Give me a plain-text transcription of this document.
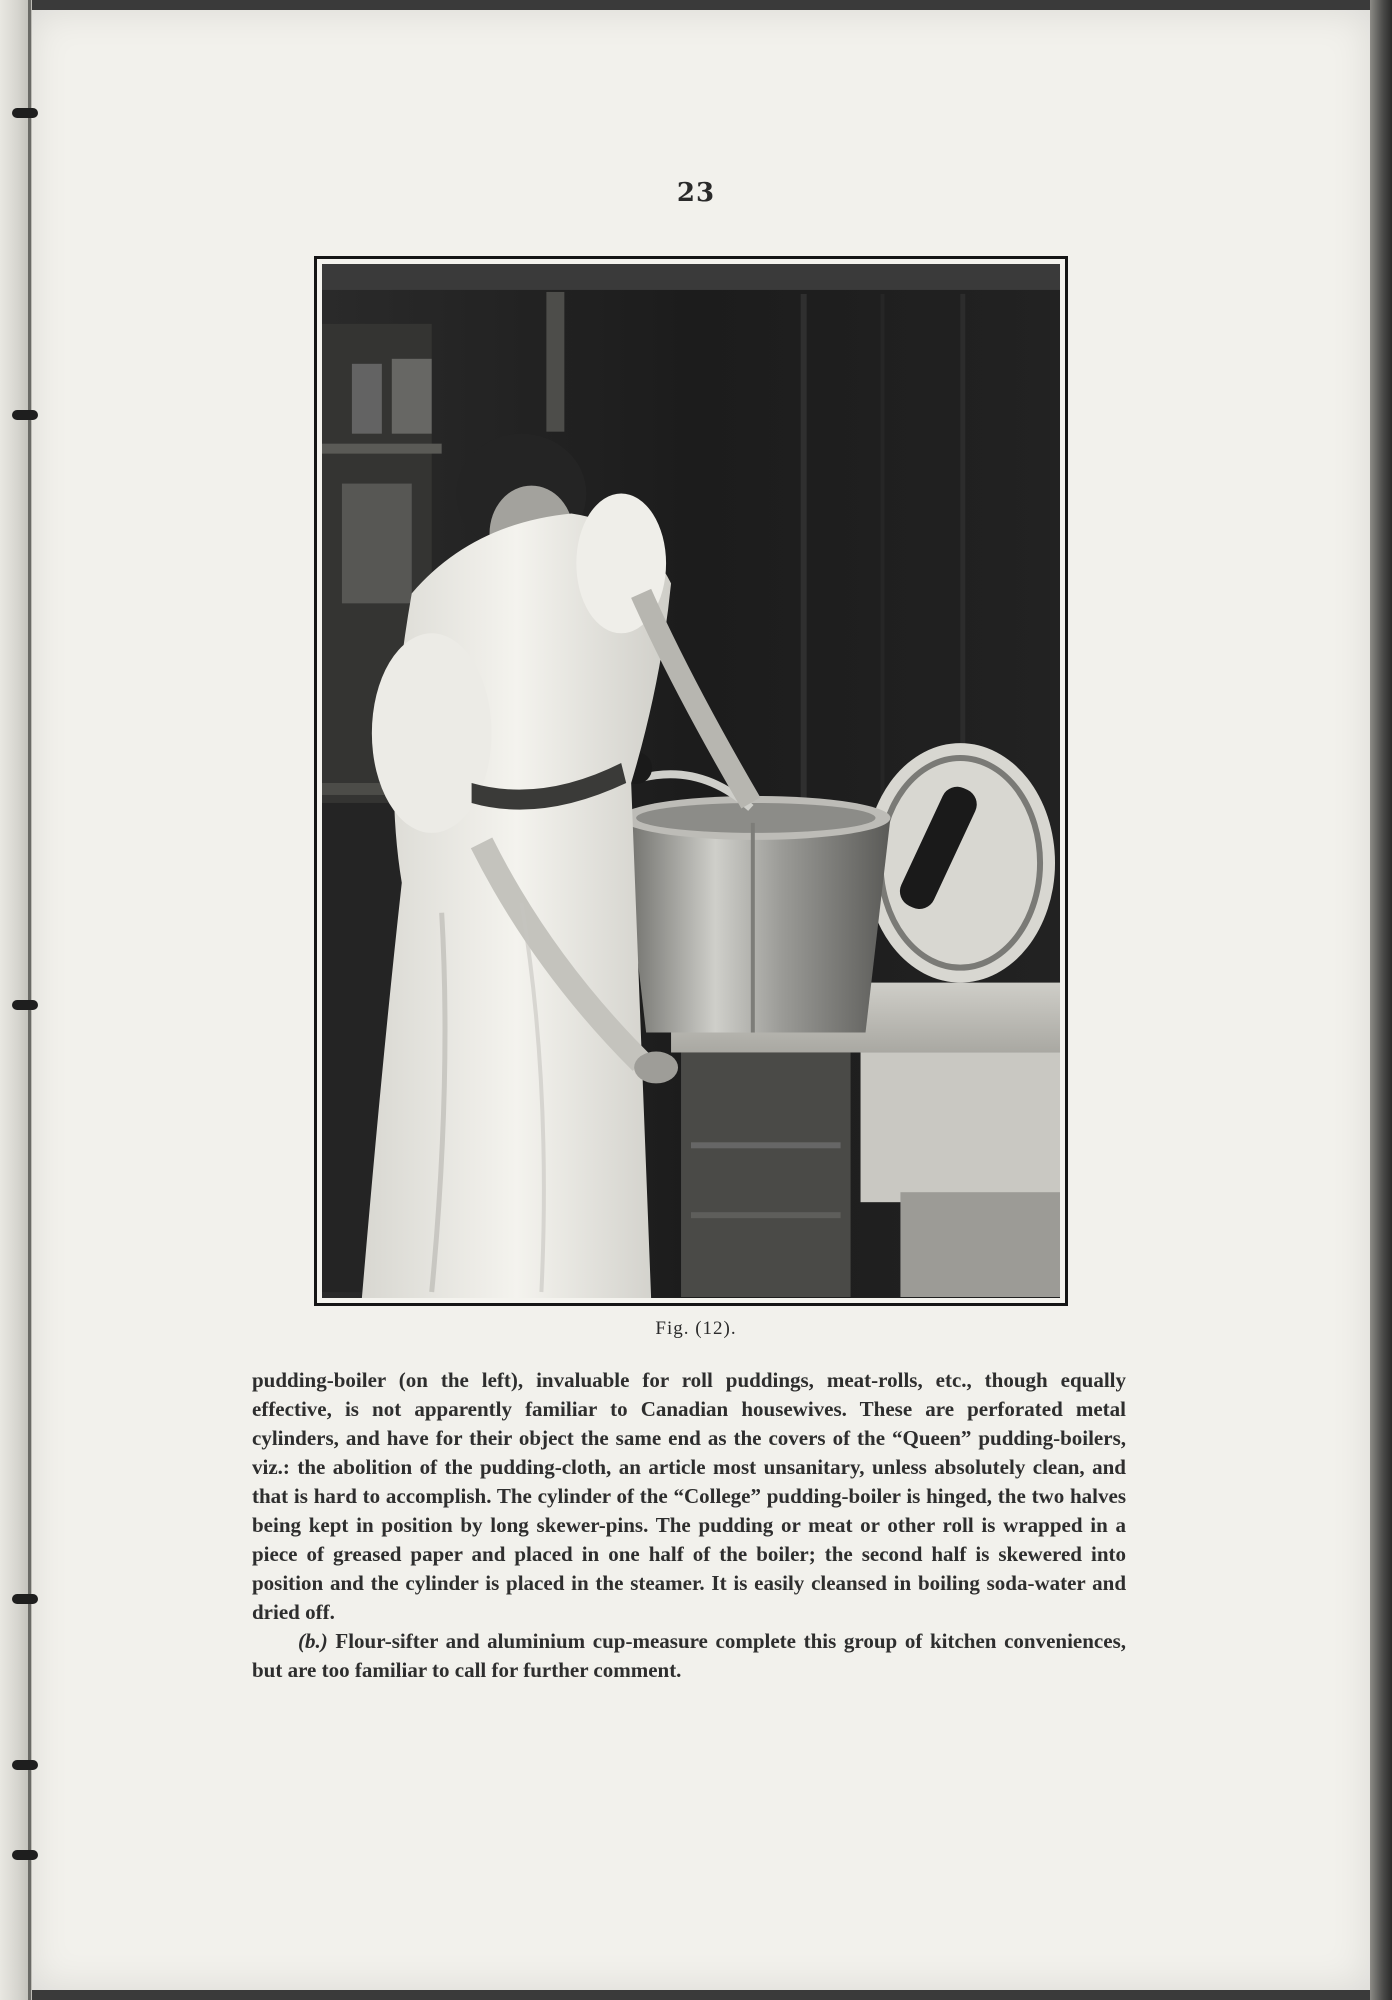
23
Fig. (12).

pudding-boiler (on the left), invaluable for roll puddings, meat-rolls, etc., though equally effective, is not apparently familiar to Canadian housewives. These are perforated metal cylinders, and have for their object the same end as the covers of the “Queen” pudding-boilers, viz.: the abolition of the pudding-cloth, an article most unsanitary, unless absolutely clean, and that is hard to accomplish. The cylinder of the “College” pudding-boiler is hinged, the two halves being kept in position by long skewer-pins. The pudding or meat or other roll is wrapped in a piece of greased paper and placed in one half of the boiler; the second half is skewered into position and the cylinder is placed in the steamer. It is easily cleansed in boiling soda-water and dried off.

(b.) Flour-sifter and aluminium cup-measure complete this group of kitchen conveniences, but are too familiar to call for further comment.
